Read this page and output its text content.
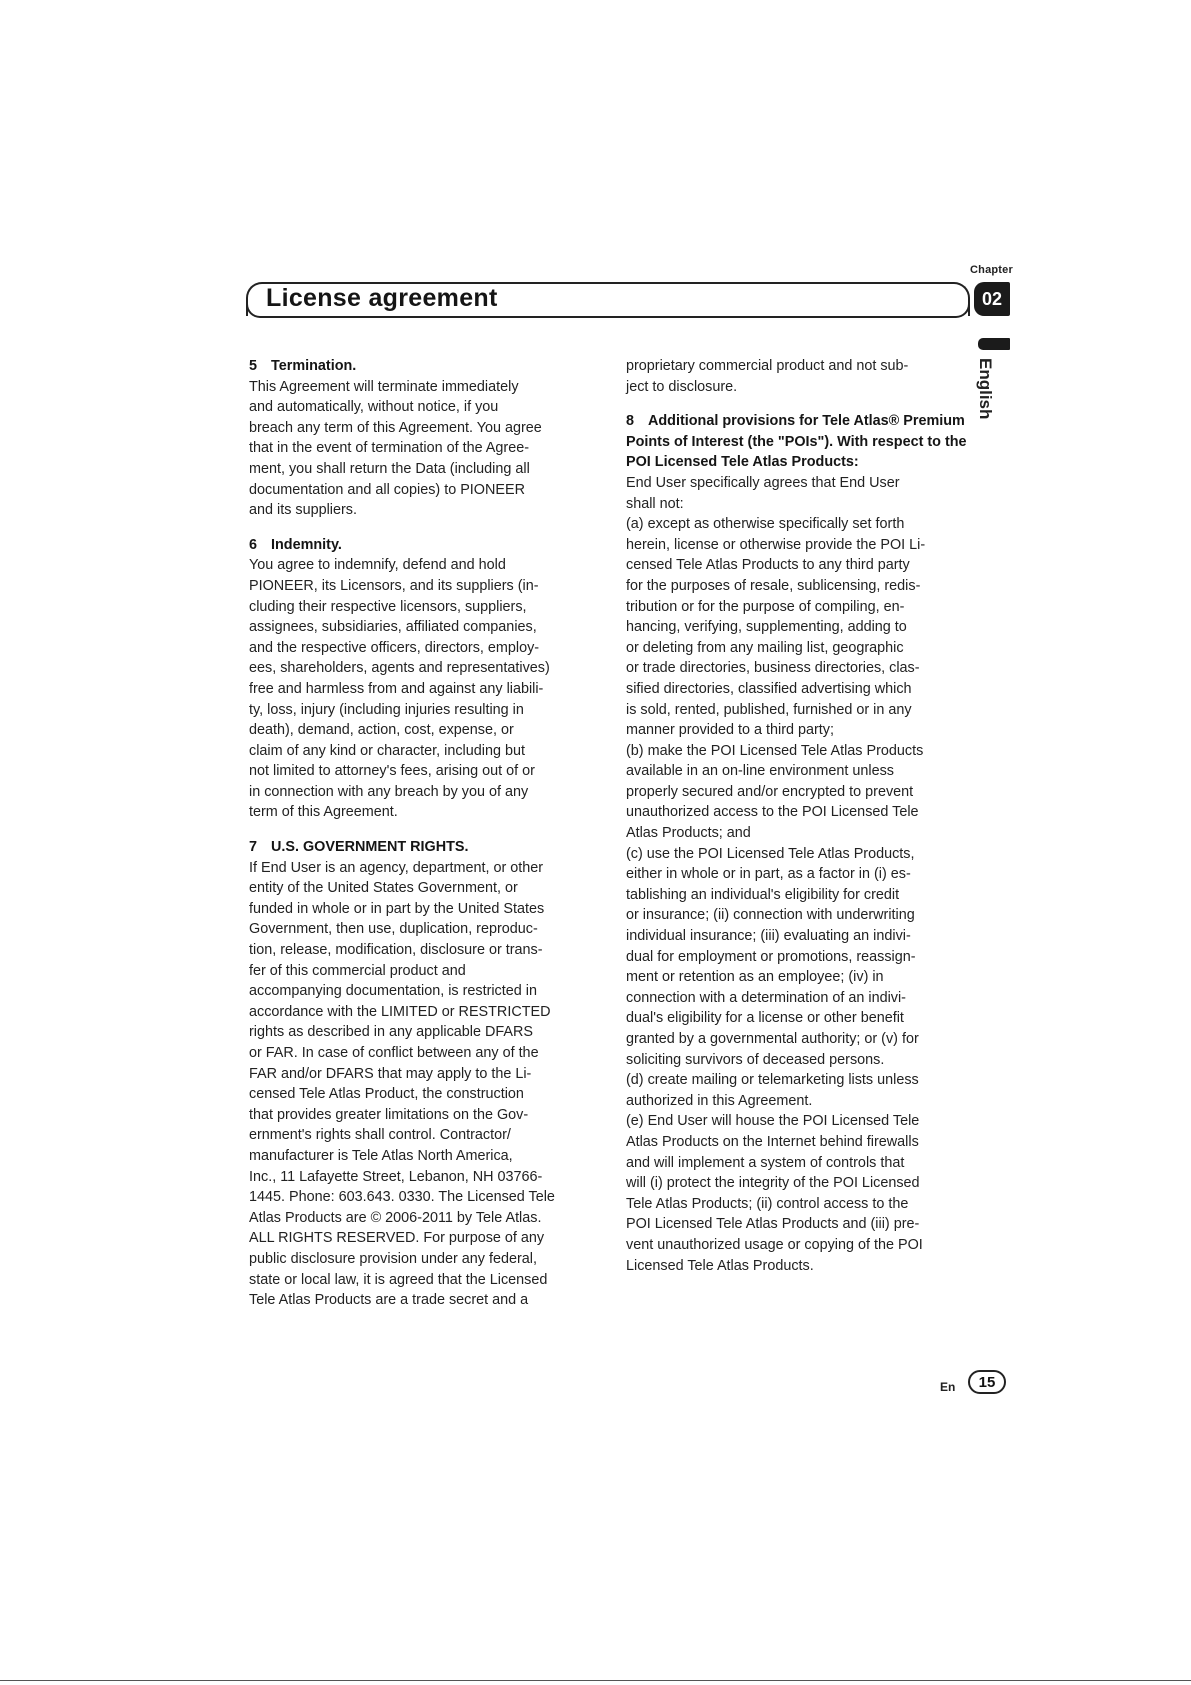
Chapter
License agreement	02
English

5 Termination.

This Agreement will terminate immediately
and automatically, without notice, if you
breach any term of this Agreement. You agree
that in the event of termination of the Agree-
ment, you shall return the Data (including all
documentation and all copies) to PIONEER
and its suppliers.

6 Indemnity.

You agree to indemnify, defend and hold
PIONEER, its Licensors, and its suppliers (in-
cluding their respective licensors, suppliers,
assignees, subsidiaries, affiliated companies,
and the respective officers, directors, employ-
ees, shareholders, agents and representatives)
free and harmless from and against any liabili-
ty, loss, injury (including injuries resulting in
death), demand, action, cost, expense, or
claim of any kind or character, including but
not limited to attorney's fees, arising out of or
in connection with any breach by you of any
term of this Agreement.

7 U.S. GOVERNMENT RIGHTS.

If End User is an agency, department, or other
entity of the United States Government, or
funded in whole or in part by the United States
Government, then use, duplication, reproduc-
tion, release, modification, disclosure or trans-
fer of this commercial product and
accompanying documentation, is restricted in
accordance with the LIMITED or RESTRICTED
rights as described in any applicable DFARS
or FAR. In case of conflict between any of the
FAR and/or DFARS that may apply to the Li-
censed Tele Atlas Product, the construction
that provides greater limitations on the Gov-
ernment's rights shall control. Contractor/
manufacturer is Tele Atlas North America,
Inc., 11 Lafayette Street, Lebanon, NH 03766-
1445. Phone: 603.643. 0330. The Licensed Tele
Atlas Products are © 2006-2011 by Tele Atlas.
ALL RIGHTS RESERVED. For purpose of any
public disclosure provision under any federal,
state or local law, it is agreed that the Licensed
Tele Atlas Products are a trade secret and a

proprietary commercial product and not sub-
ject to disclosure.

8 Additional provisions for Tele Atlas® Premium Points of Interest (the "POIs"). With respect to the POI Licensed Tele Atlas Products:

End User specifically agrees that End User
shall not:

(a) except as otherwise specifically set forth
herein, license or otherwise provide the POI Li-
censed Tele Atlas Products to any third party
for the purposes of resale, sublicensing, redis-
tribution or for the purpose of compiling, en-
hancing, verifying, supplementing, adding to
or deleting from any mailing list, geographic
or trade directories, business directories, clas-
sified directories, classified advertising which
is sold, rented, published, furnished or in any
manner provided to a third party;

(b) make the POI Licensed Tele Atlas Products
available in an on-line environment unless
properly secured and/or encrypted to prevent
unauthorized access to the POI Licensed Tele
Atlas Products; and

(c) use the POI Licensed Tele Atlas Products,
either in whole or in part, as a factor in (i) es-
tablishing an individual's eligibility for credit
or insurance; (ii) connection with underwriting
individual insurance; (iii) evaluating an indivi-
dual for employment or promotions, reassign-
ment or retention as an employee; (iv) in
connection with a determination of an indivi-
dual's eligibility for a license or other benefit
granted by a governmental authority; or (v) for
soliciting survivors of deceased persons.

(d) create mailing or telemarketing lists unless
authorized in this Agreement.

(e) End User will house the POI Licensed Tele
Atlas Products on the Internet behind firewalls
and will implement a system of controls that
will (i) protect the integrity of the POI Licensed
Tele Atlas Products; (ii) control access to the
POI Licensed Tele Atlas Products and (iii) pre-
vent unauthorized usage or copying of the POI
Licensed Tele Atlas Products.

En	15
